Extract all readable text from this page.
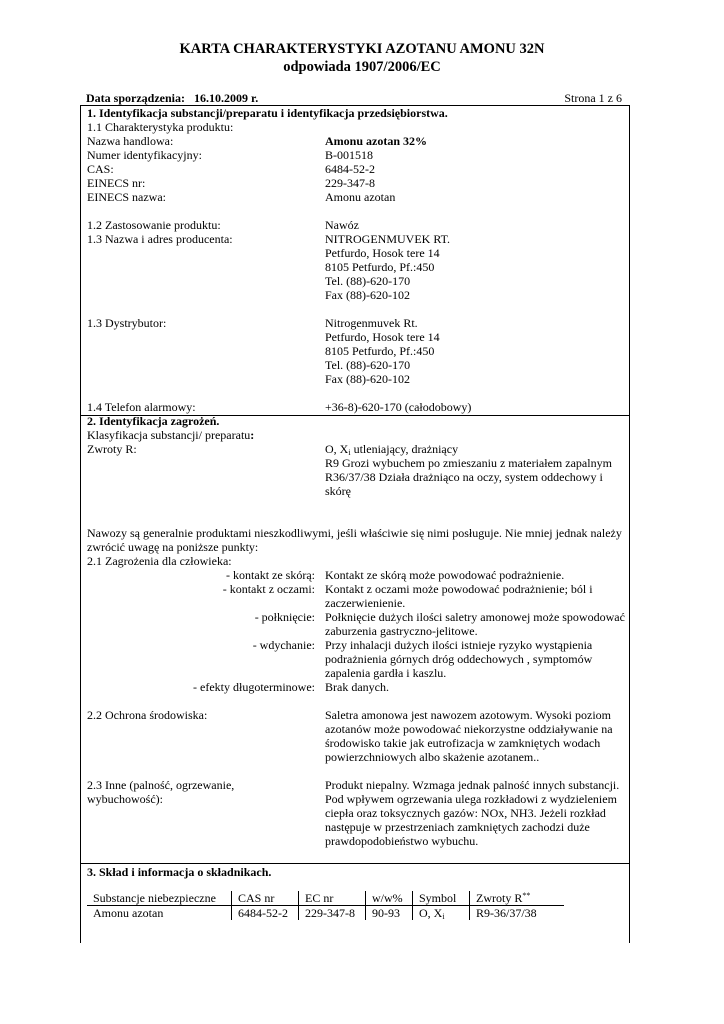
KARTA CHARAKTERYSTYKI AZOTANU AMONU 32N
odpowiada 1907/2006/EC
Data sporządzenia: 16.10.2009 r.	Strona 1 z 6
1. Identyfikacja substancji/preparatu i identyfikacja przedsiębiorstwa.
1.1 Charakterystyka produktu:
Nazwa handlowa:	Amonu azotan 32%
Numer identyfikacyjny:	B-001518
CAS:	6484-52-2
EINECS nr:	229-347-8
EINECS nazwa:	Amonu azotan
1.2 Zastosowanie produktu:	Nawóz
1.3 Nazwa i adres producenta:	NITROGENMUVEK RT.
Petfurdo, Hosok tere 14
8105 Petfurdo, Pf.:450
Tel. (88)-620-170
Fax (88)-620-102
1.3 Dystrybutor:	Nitrogenmuvek Rt.
Petfurdo, Hosok tere 14
8105 Petfurdo, Pf.:450
Tel. (88)-620-170
Fax (88)-620-102
1.4 Telefon alarmowy:	+36-8)-620-170 (całodobowy)
2. Identyfikacja zagrożeń.
Klasyfikacja substancji/ preparatu:
Zwroty R:	O, $X_i$ utleniający, drażniący
R9 Grozi wybuchem po zmieszaniu z materiałem zapalnym
R36/37/38 Działa drażniąco na oczy, system oddechowy i
skórę
Nawozy są generalnie produktami nieszkodliwymi, jeśli właściwie się nimi posługuje. Nie mniej jednak należy zwrócić uwagę na poniższe punkty:
2.1 Zagrożenia dla człowieka:
- kontakt ze skórą: Kontakt ze skórą może powodować podrażnienie.
- kontakt z oczami: Kontakt z oczami może powodować podrażnienie; ból i
zaczerwienienie.
- połknięcie: Połknięcie dużych ilości saletry amonowej może spowodować
zaburzenia gastryczno-jelitowe.
- wdychanie: Przy inhalacji dużych ilości istnieje ryzyko wystąpienia
podrażnienia górnych dróg oddechowych , symptomów
zapalenia gardła i kaszlu.
- efekty długoterminowe: Brak danych.
2.2 Ochrona środowiska:	Saletra amonowa jest nawozem azotowym. Wysoki poziom
azotanów może powodować niekorzystne oddziaływanie na
środowisko takie jak eutrofizacja w zamkniętych wodach
powierzchniowych albo skażenie azotanem..
2.3 Inne (palność, ogrzewanie,
wybuchowość):
Produkt niepalny. Wzmaga jednak palność innych substancji.
Pod wpływem ogrzewania ulega rozkładowi z wydzieleniem
ciepła oraz toksycznych gazów: NOx, NH3. Jeżeli rozkład
następuje w przestrzeniach zamkniętych zachodzi duże
prawdopodobieństwo wybuchu.
3. Skład i informacja o składnikach.
Substancje niebezpieczne	CAS nr	EC nr	w/w%	Symbol	Zwroty R**
Amonu azotan	6484-52-2	229-347-8	90-93	O, $X_i$	R9-36/37/38
